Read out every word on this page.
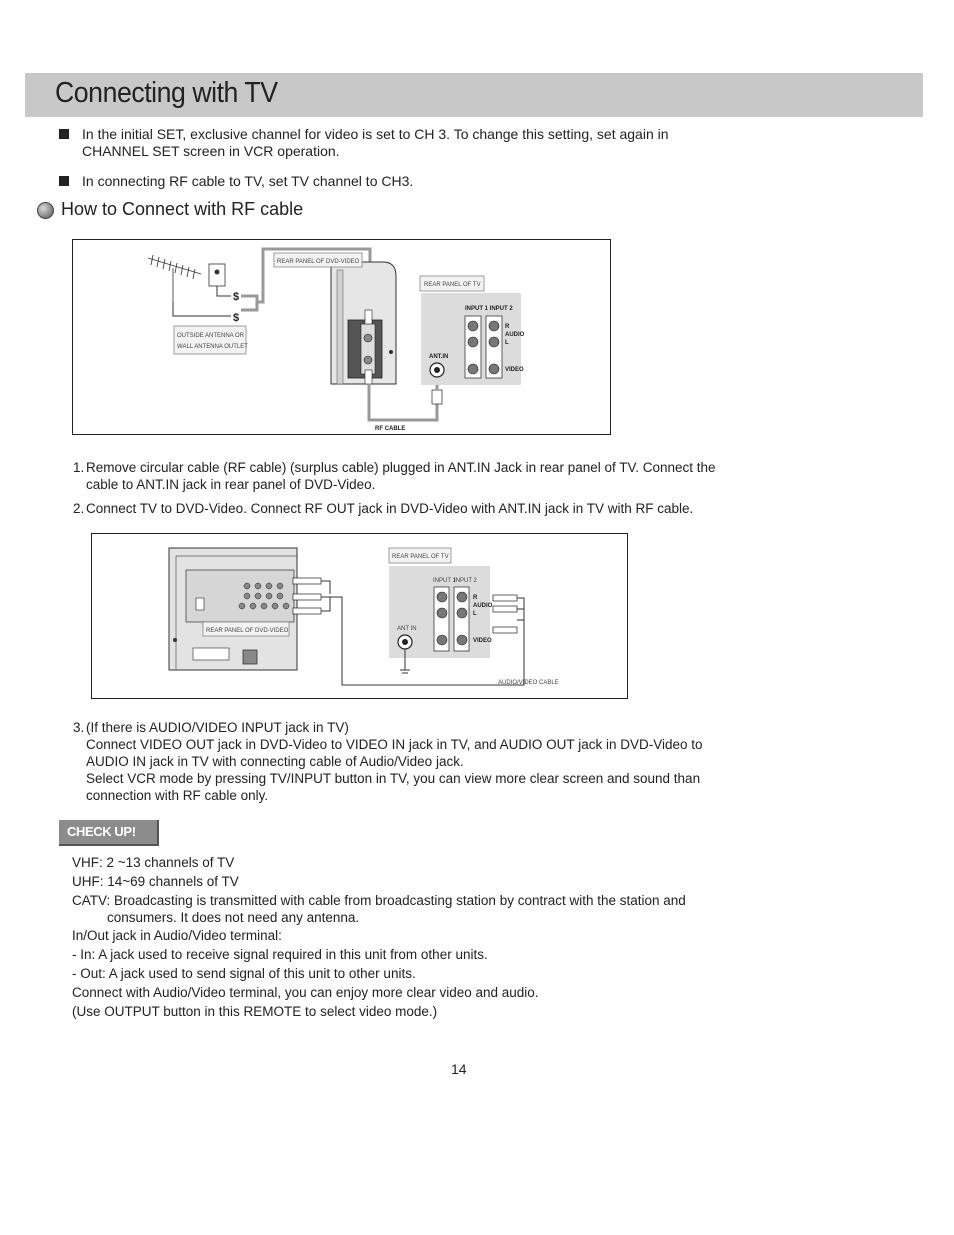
Connecting with TV
In the initial SET, exclusive channel for video is set to CH 3. To change this setting, set again in CHANNEL SET screen in VCR operation.
In connecting RF cable to TV, set TV channel to CH3.
How to Connect with RF cable
$
$
OUTSIDE ANTENNA OR
WALL ANTENNA OUTLET
REAR PANEL OF DVD-VIDEO
RF CABLE
REAR PANEL OF TV
INPUT 1 INPUT 2
R
AUDIO
L
VIDEO
ANT.IN
1. Remove circular cable (RF cable) (surplus cable) plugged in ANT.IN Jack in rear panel of TV. Connect the cable to ANT.IN jack in rear panel of DVD-Video.
2. Connect TV to DVD-Video. Connect RF OUT jack in DVD-Video with ANT.IN jack in TV with RF cable.
REAR PANEL OF DVD-VIDEO
AUDIO/VIDEO CABLE
REAR PANEL OF TV
INPUT 1
INPUT 2
R
AUDIO
L
VIDEO
ANT IN
3. (If there is AUDIO/VIDEO INPUT jack in TV)
Connect VIDEO OUT jack in DVD-Video to VIDEO IN jack in TV, and AUDIO OUT jack in DVD-Video to AUDIO IN jack in TV with connecting cable of Audio/Video jack.
Select VCR mode by pressing TV/INPUT button in TV, you can view more clear screen and sound than connection with RF cable only.
CHECK UP!
VHF: 2 ~13 channels of TV
UHF: 14~69 channels of TV
CATV: Broadcasting is transmitted with cable from broadcasting station by contract with the station and
consumers. It does not need any antenna.
In/Out jack in Audio/Video terminal:
- In: A jack used to receive signal required in this unit from other units.
- Out: A jack used to send signal of this unit to other units.
Connect with Audio/Video terminal, you can enjoy more clear video and audio.
(Use OUTPUT button in this REMOTE to select video mode.)
14
